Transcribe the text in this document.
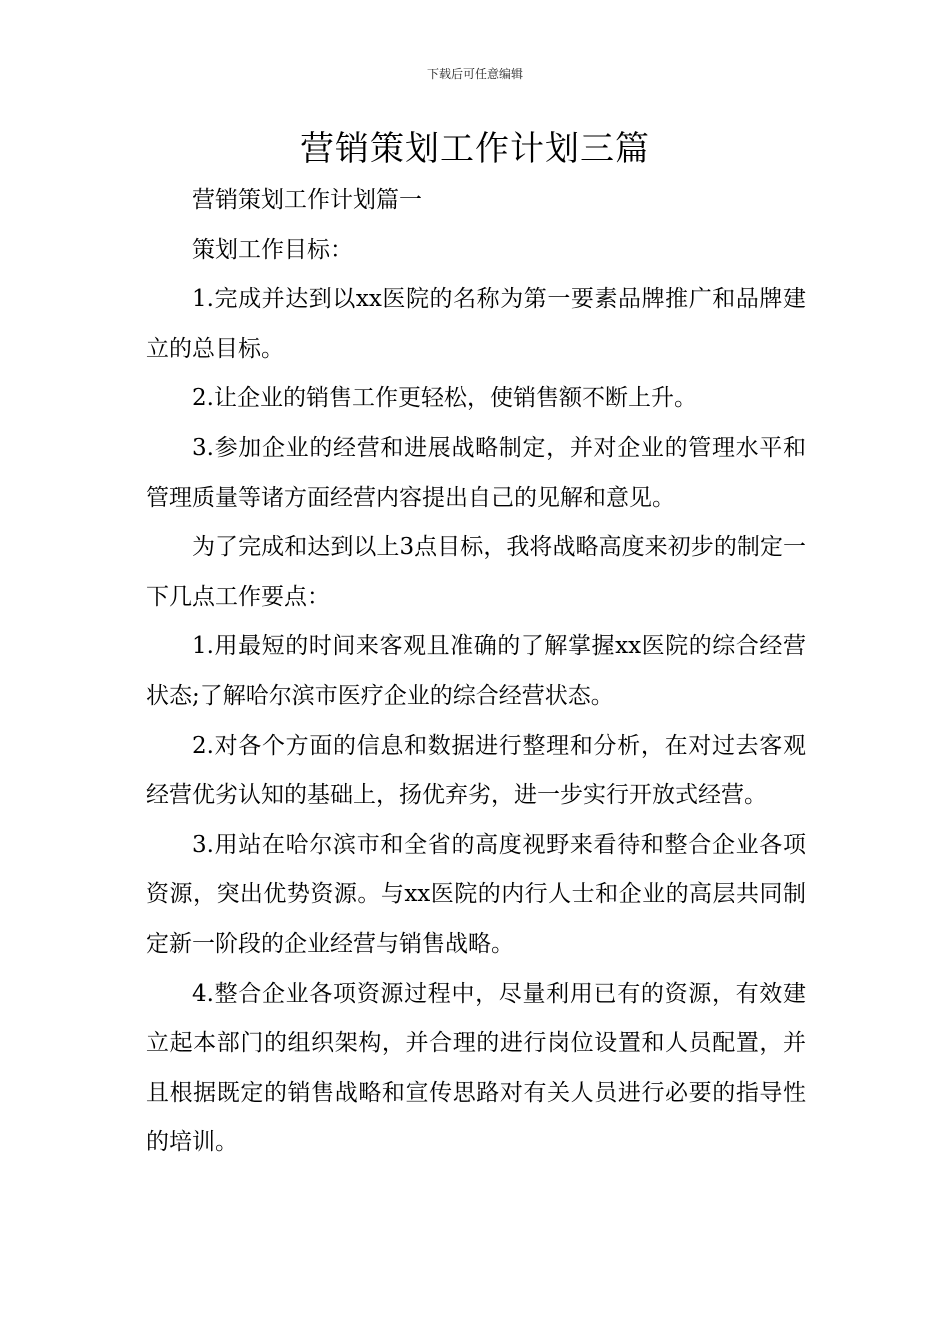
下载后可任意编辑
营销策划工作计划三篇

营销策划工作计划篇一

策划工作目标：

1.完成并达到以xx医院的名称为第一要素品牌推广和品牌建立的总目标。

2.让企业的销售工作更轻松，使销售额不断上升。

3.参加企业的经营和进展战略制定，并对企业的管理水平和管理质量等诸方面经营内容提出自己的见解和意见。

为了完成和达到以上3点目标，我将战略高度来初步的制定一下几点工作要点：

1.用最短的时间来客观且准确的了解掌握xx医院的综合经营状态;了解哈尔滨市医疗企业的综合经营状态。

2.对各个方面的信息和数据进行整理和分析，在对过去客观经营优劣认知的基础上，扬优弃劣，进一步实行开放式经营。

3.用站在哈尔滨市和全省的高度视野来看待和整合企业各项资源，突出优势资源。与xx医院的内行人士和企业的高层共同制定新一阶段的企业经营与销售战略。

4.整合企业各项资源过程中，尽量利用已有的资源，有效建立起本部门的组织架构，并合理的进行岗位设置和人员配置，并且根据既定的销售战略和宣传思路对有关人员进行必要的指导性的培训。
